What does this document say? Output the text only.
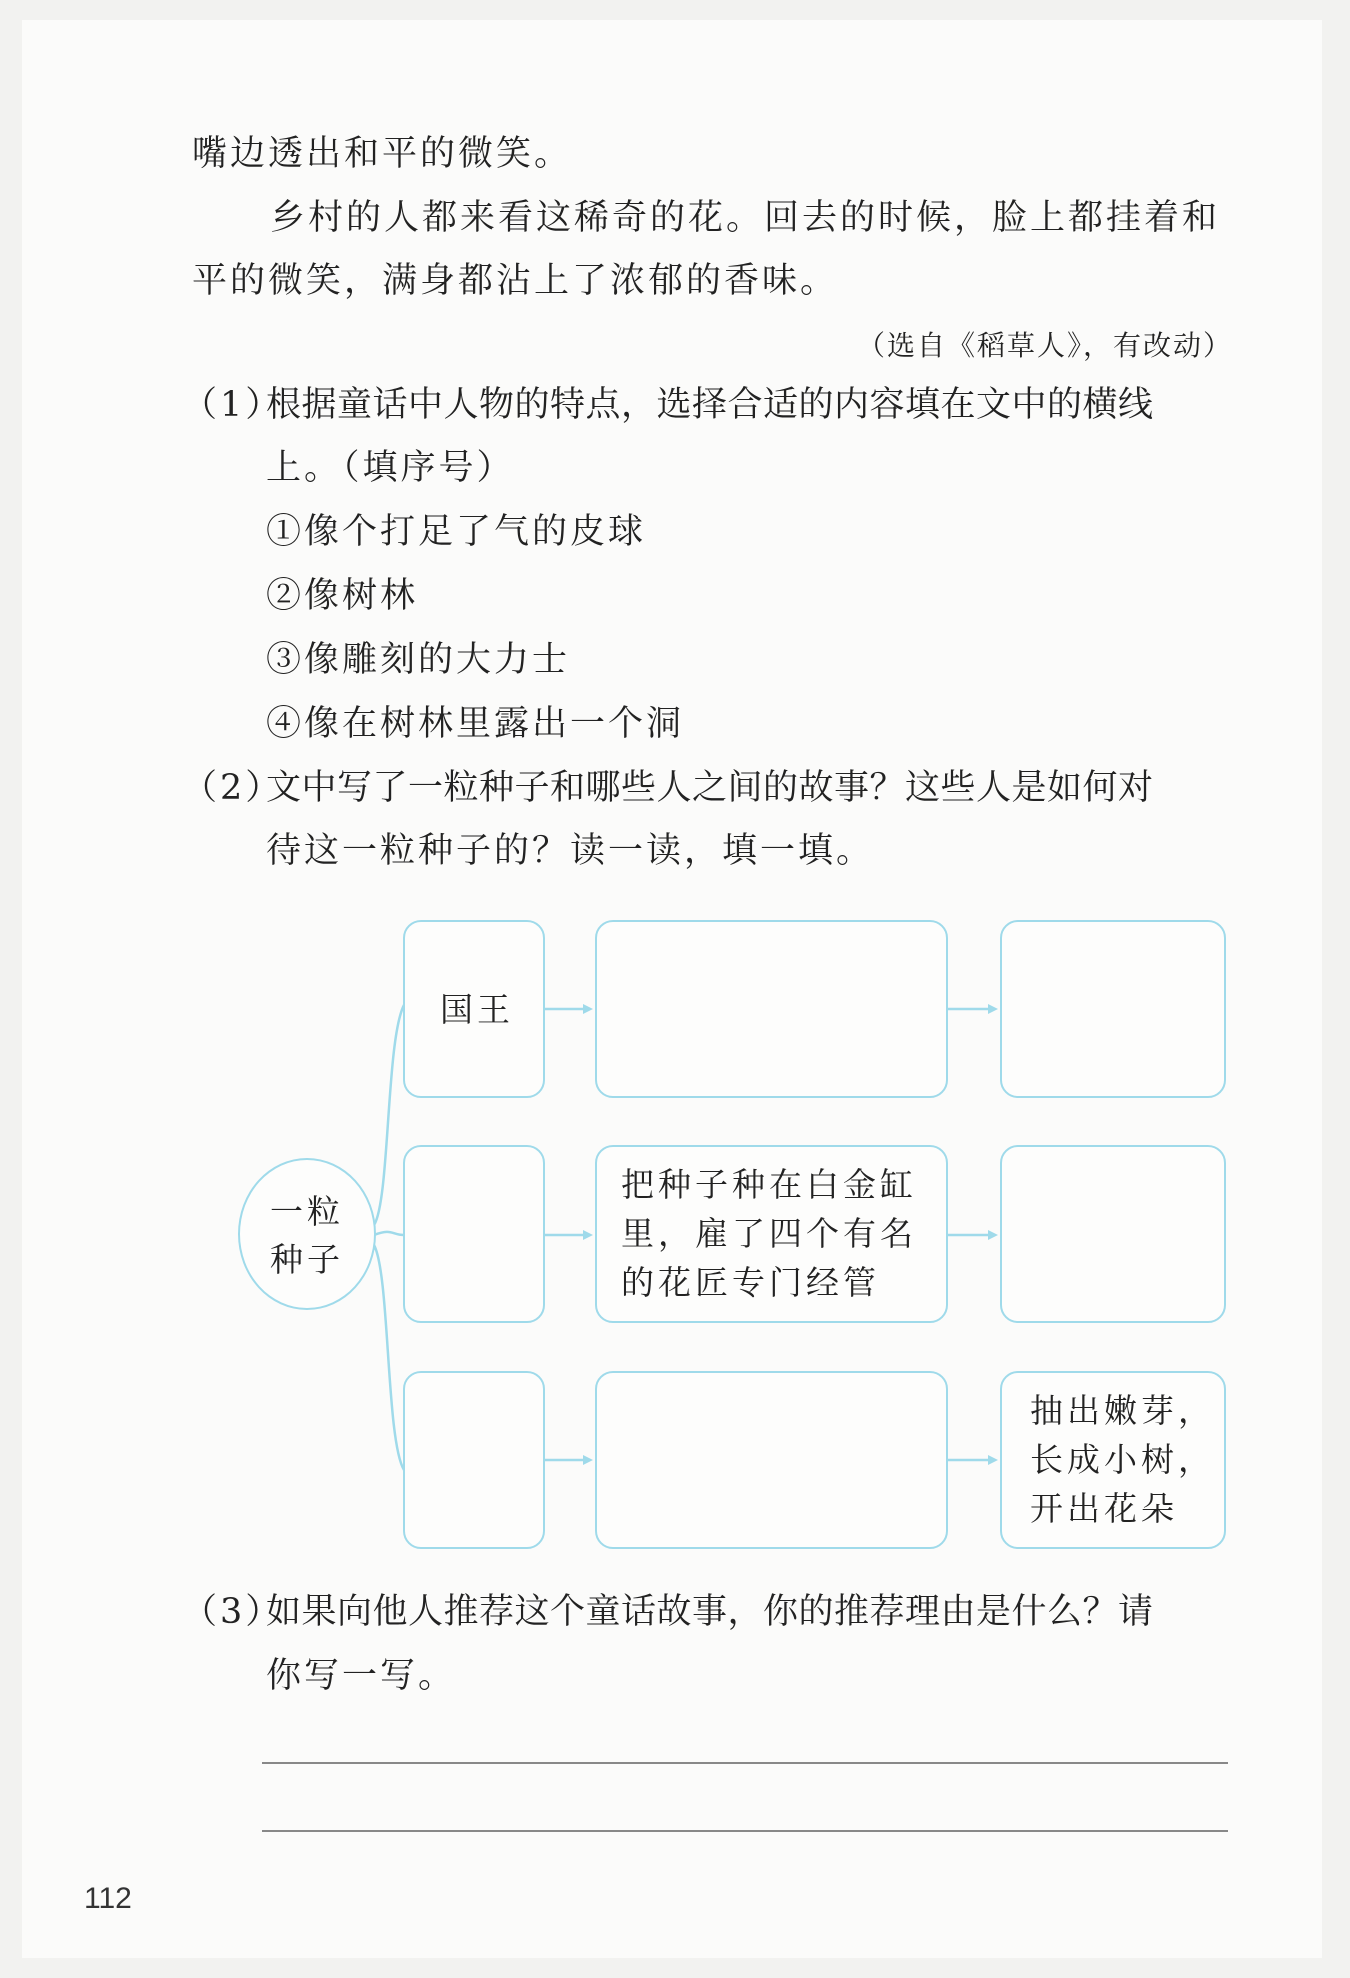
嘴边透出和平的微笑。
乡村的人都来看这稀奇的花。回去的时候，脸上都挂着和
平的微笑，满身都沾上了浓郁的香味。
（选自《稻草人》，有改动）
（1）
根据童话中人物的特点，选择合适的内容填在文中的横线
上。（填序号）
①像个打足了气的皮球
②像树林
③像雕刻的大力士
④像在树林里露出一个洞
（2）
文中写了一粒种子和哪些人之间的故事？这些人是如何对
待这一粒种子的？读一读，填一填。
一粒
种子
国王
把种子种在白金缸
里，雇了四个有名
的花匠专门经管
抽出嫩芽，
长成小树，
开出花朵
（3）
如果向他人推荐这个童话故事，你的推荐理由是什么？请
你写一写。
112
